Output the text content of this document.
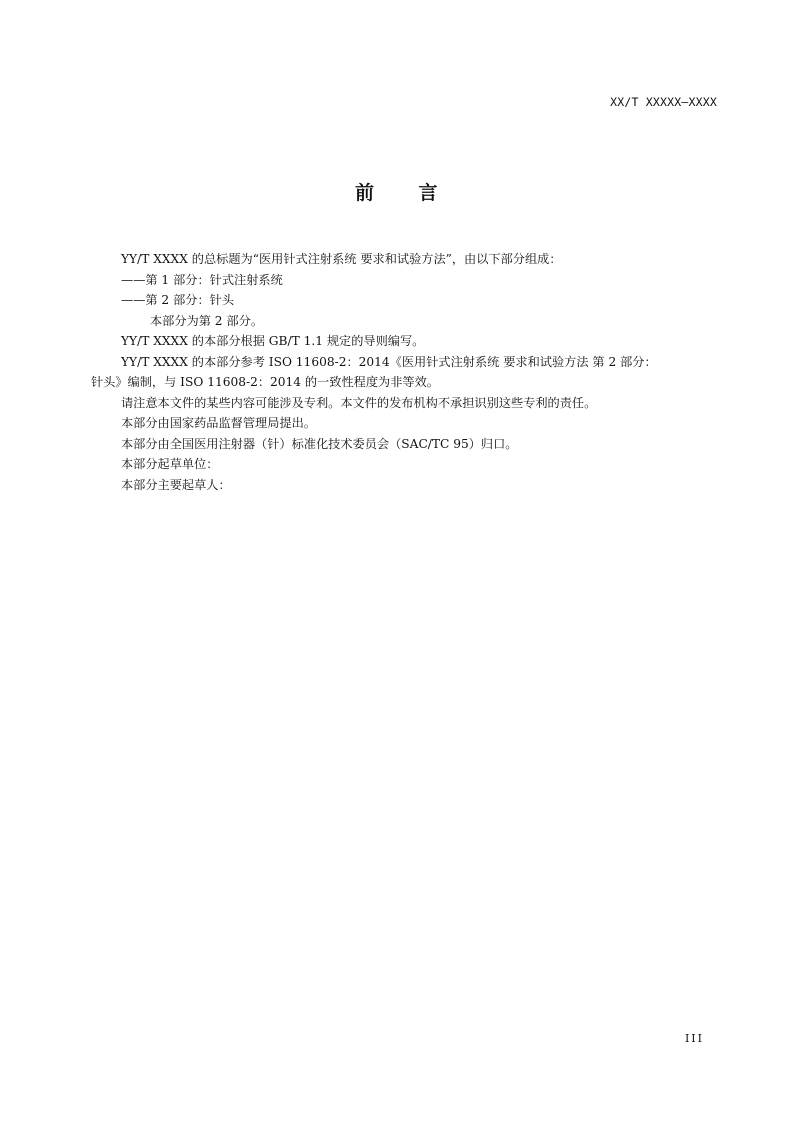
XX/T XXXXX—XXXX
前 言

YY/T XXXX 的总标题为“医用针式注射系统 要求和试验方法”，由以下部分组成：

——第 1 部分：针式注射系统

——第 2 部分：针头

本部分为第 2 部分。

YY/T XXXX 的本部分根据 GB/T 1.1 规定的导则编写。

YY/T XXXX 的本部分参考 ISO 11608-2：2014《医用针式注射系统 要求和试验方法 第 2 部分：

针头》编制，与 ISO 11608-2：2014 的一致性程度为非等效。

请注意本文件的某些内容可能涉及专利。本文件的发布机构不承担识别这些专利的责任。

本部分由国家药品监督管理局提出。

本部分由全国医用注射器（针）标准化技术委员会（SAC/TC 95）归口。

本部分起草单位：

本部分主要起草人：

III
